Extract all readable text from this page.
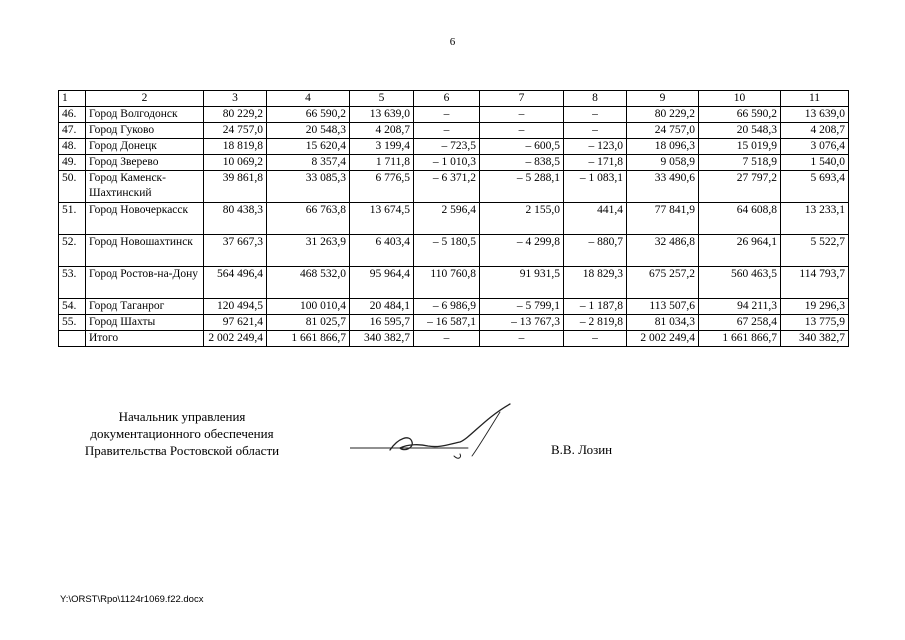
6
1	2	3	4	5	6	7	8	9	10	11
46.	Город Волгодонск	80 229,2	66 590,2	13 639,0	–	–	–	80 229,2	66 590,2	13 639,0
47.	Город Гуково	24 757,0	20 548,3	4 208,7	–	–	–	24 757,0	20 548,3	4 208,7
48.	Город Донецк	18 819,8	15 620,4	3 199,4	– 723,5	– 600,5	– 123,0	18 096,3	15 019,9	3 076,4
49.	Город Зверево	10 069,2	8 357,4	1 711,8	– 1 010,3	– 838,5	– 171,8	9 058,9	7 518,9	1 540,0
50.	Город Каменск-Шахтинский	39 861,8	33 085,3	6 776,5	– 6 371,2	– 5 288,1	– 1 083,1	33 490,6	27 797,2	5 693,4
51.	Город Новочеркасск	80 438,3	66 763,8	13 674,5	2 596,4	2 155,0	441,4	77 841,9	64 608,8	13 233,1
52.	Город Новошахтинск	37 667,3	31 263,9	6 403,4	– 5 180,5	– 4 299,8	– 880,7	32 486,8	26 964,1	5 522,7
53.	Город Ростов-на-Дону	564 496,4	468 532,0	95 964,4	110 760,8	91 931,5	18 829,3	675 257,2	560 463,5	114 793,7
54.	Город Таганрог	120 494,5	100 010,4	20 484,1	– 6 986,9	– 5 799,1	– 1 187,8	113 507,6	94 211,3	19 296,3
55.	Город Шахты	97 621,4	81 025,7	16 595,7	– 16 587,1	– 13 767,3	– 2 819,8	81 034,3	67 258,4	13 775,9
	Итого	2 002 249,4	1 661 866,7	340 382,7	–	–	–	2 002 249,4	1 661 866,7	340 382,7
Начальник управления
документационного обеспечения
Правительства Ростовской области	В.В. Лозин
Y:\ORST\Rpo\1124r1069.f22.docx
